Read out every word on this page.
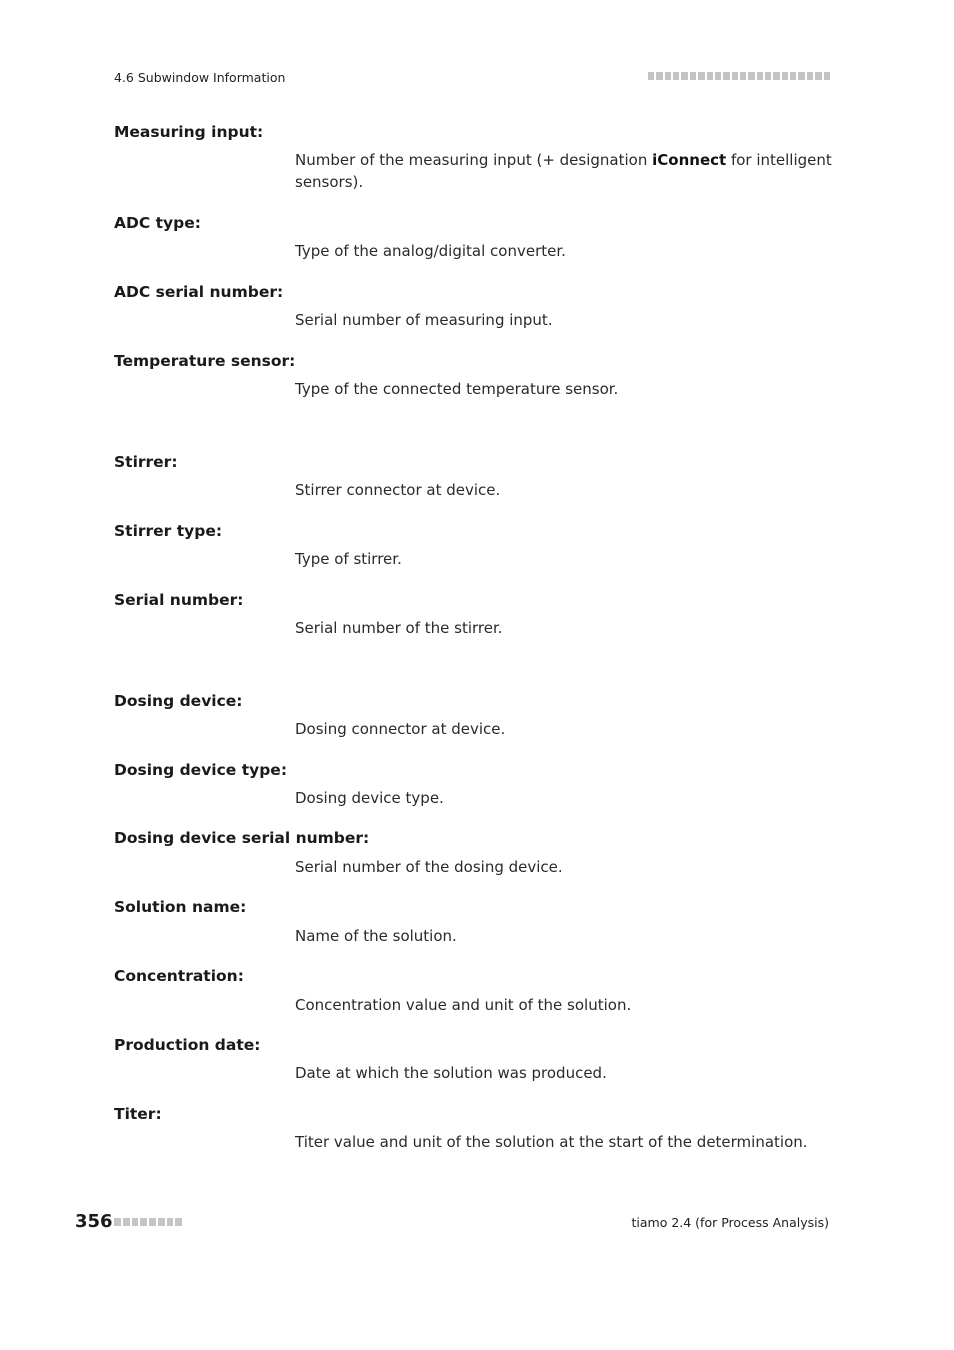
4.6 Subwindow Information
Measuring input:
Number of the measuring input (+ designation iConnect for intelligent sensors).
ADC type:
Type of the analog/digital converter.
ADC serial number:
Serial number of measuring input.
Temperature sensor:
Type of the connected temperature sensor.
Stirrer:
Stirrer connector at device.
Stirrer type:
Type of stirrer.
Serial number:
Serial number of the stirrer.
Dosing device:
Dosing connector at device.
Dosing device type:
Dosing device type.
Dosing device serial number:
Serial number of the dosing device.
Solution name:
Name of the solution.
Concentration:
Concentration value and unit of the solution.
Production date:
Date at which the solution was produced.
Titer:
Titer value and unit of the solution at the start of the determination.
356	tiamo 2.4 (for Process Analysis)
